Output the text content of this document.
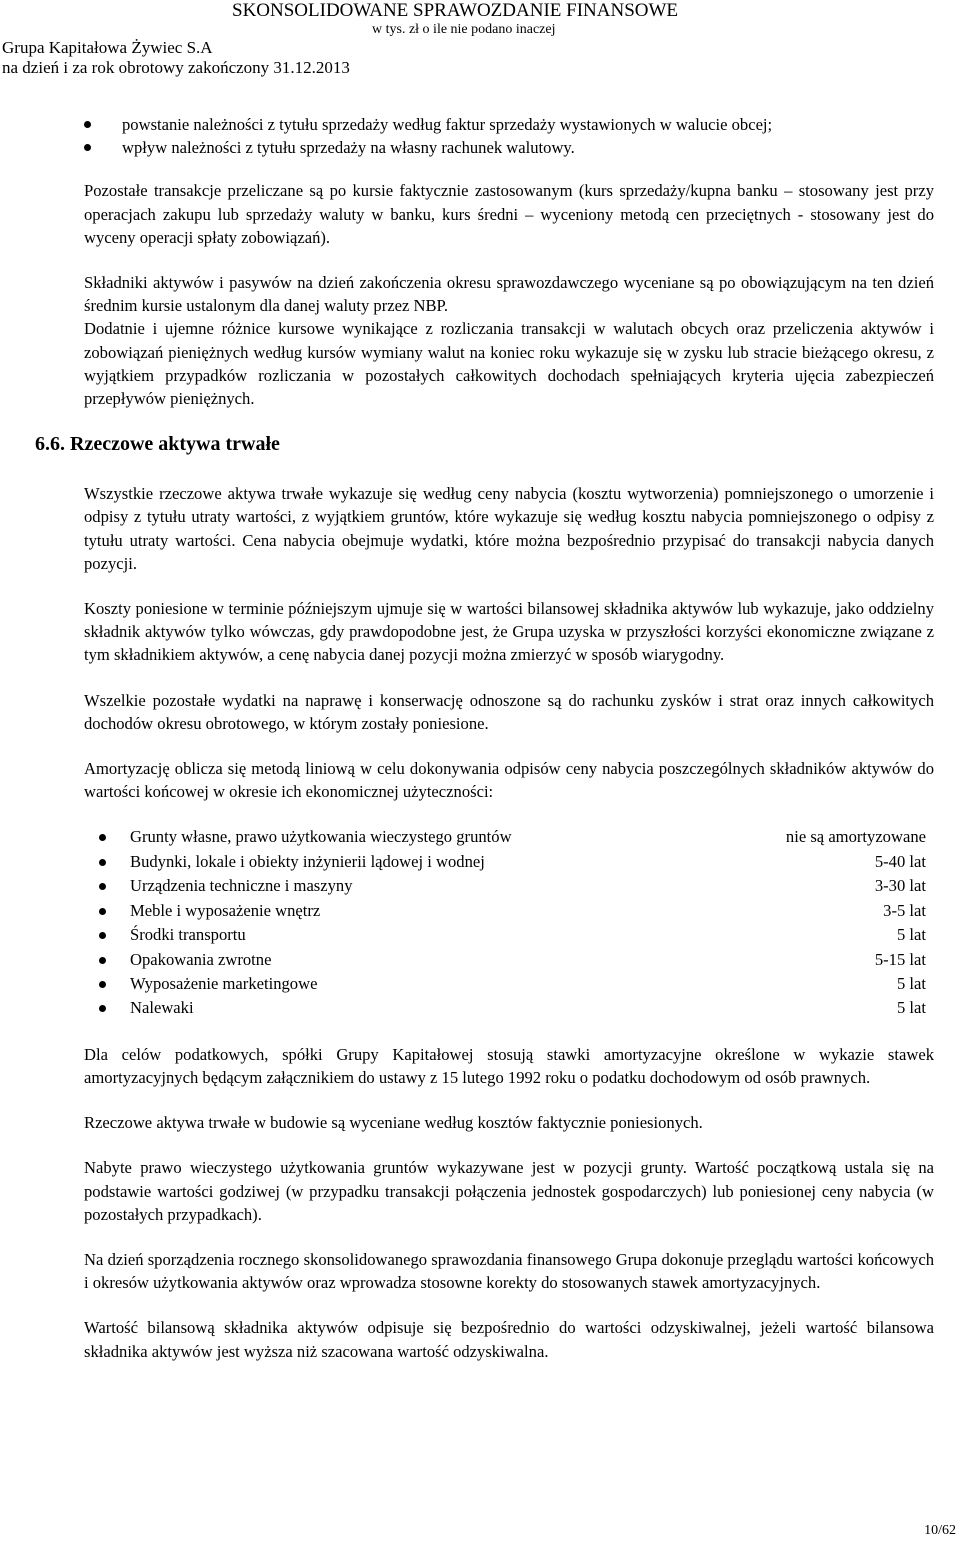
SKONSOLIDOWANE SPRAWOZDANIE FINANSOWE
w tys. zł o ile nie podano inaczej
Grupa Kapitałowa Żywiec S.A
na dzień i za rok obrotowy zakończony 31.12.2013
powstanie należności z tytułu sprzedaży według faktur sprzedaży wystawionych w walucie obcej;
wpływ należności z tytułu sprzedaży na własny rachunek walutowy.

Pozostałe transakcje przeliczane są po kursie faktycznie zastosowanym (kurs sprzedaży/kupna banku – stosowany jest przy operacjach zakupu lub sprzedaży waluty w banku, kurs średni – wyceniony metodą cen przeciętnych - stosowany jest do wyceny operacji spłaty zobowiązań).

Składniki aktywów i pasywów na dzień zakończenia okresu sprawozdawczego wyceniane są po obowiązującym na ten dzień średnim kursie ustalonym dla danej waluty przez NBP.

Dodatnie i ujemne różnice kursowe wynikające z rozliczania transakcji w walutach obcych oraz przeliczenia aktywów i zobowiązań pieniężnych według kursów wymiany walut na koniec roku wykazuje się w zysku lub stracie bieżącego okresu, z wyjątkiem przypadków rozliczania w pozostałych całkowitych dochodach spełniających kryteria ujęcia zabezpieczeń przepływów pieniężnych.

6.6. Rzeczowe aktywa trwałe

Wszystkie rzeczowe aktywa trwałe wykazuje się według ceny nabycia (kosztu wytworzenia) pomniejszonego o umorzenie i odpisy z tytułu utraty wartości, z wyjątkiem gruntów, które wykazuje się według kosztu nabycia pomniejszonego o odpisy z tytułu utraty wartości. Cena nabycia obejmuje wydatki, które można bezpośrednio przypisać do transakcji nabycia danych pozycji.

Koszty poniesione w terminie późniejszym ujmuje się w wartości bilansowej składnika aktywów lub wykazuje, jako oddzielny składnik aktywów tylko wówczas, gdy prawdopodobne jest, że Grupa uzyska w przyszłości korzyści ekonomiczne związane z tym składnikiem aktywów, a cenę nabycia danej pozycji można zmierzyć w sposób wiarygodny.

Wszelkie pozostałe wydatki na naprawę i konserwację odnoszone są do rachunku zysków i strat oraz innych całkowitych dochodów okresu obrotowego, w którym zostały poniesione.

Amortyzację oblicza się metodą liniową w celu dokonywania odpisów ceny nabycia poszczególnych składników aktywów do wartości końcowej w okresie ich ekonomicznej użyteczności:

	Grunty własne, prawo użytkowania wieczystego gruntów	nie są amortyzowane

	Budynki, lokale i obiekty inżynierii lądowej i wodnej	5-40 lat

	Urządzenia techniczne i maszyny	3-30 lat

	Meble i wyposażenie wnętrz	3-5 lat

	Środki transportu	5 lat

	Opakowania zwrotne	5-15 lat

	Wyposażenie marketingowe	5 lat

	Nalewaki	5 lat

Dla celów podatkowych, spółki Grupy Kapitałowej stosują stawki amortyzacyjne określone w wykazie stawek amortyzacyjnych będącym załącznikiem do ustawy z 15 lutego 1992 roku o podatku dochodowym od osób prawnych.

Rzeczowe aktywa trwałe w budowie są wyceniane według kosztów faktycznie poniesionych.

Nabyte prawo wieczystego użytkowania gruntów wykazywane jest w pozycji grunty. Wartość początkową ustala się na podstawie wartości godziwej (w przypadku transakcji połączenia jednostek gospodarczych) lub poniesionej ceny nabycia (w pozostałych przypadkach).

Na dzień sporządzenia rocznego skonsolidowanego sprawozdania finansowego Grupa dokonuje przeglądu wartości końcowych i okresów użytkowania aktywów oraz wprowadza stosowne korekty do stosowanych stawek amortyzacyjnych.

Wartość bilansową składnika aktywów odpisuje się bezpośrednio do wartości odzyskiwalnej, jeżeli wartość bilansowa składnika aktywów jest wyższa niż szacowana wartość odzyskiwalna.

10/62
